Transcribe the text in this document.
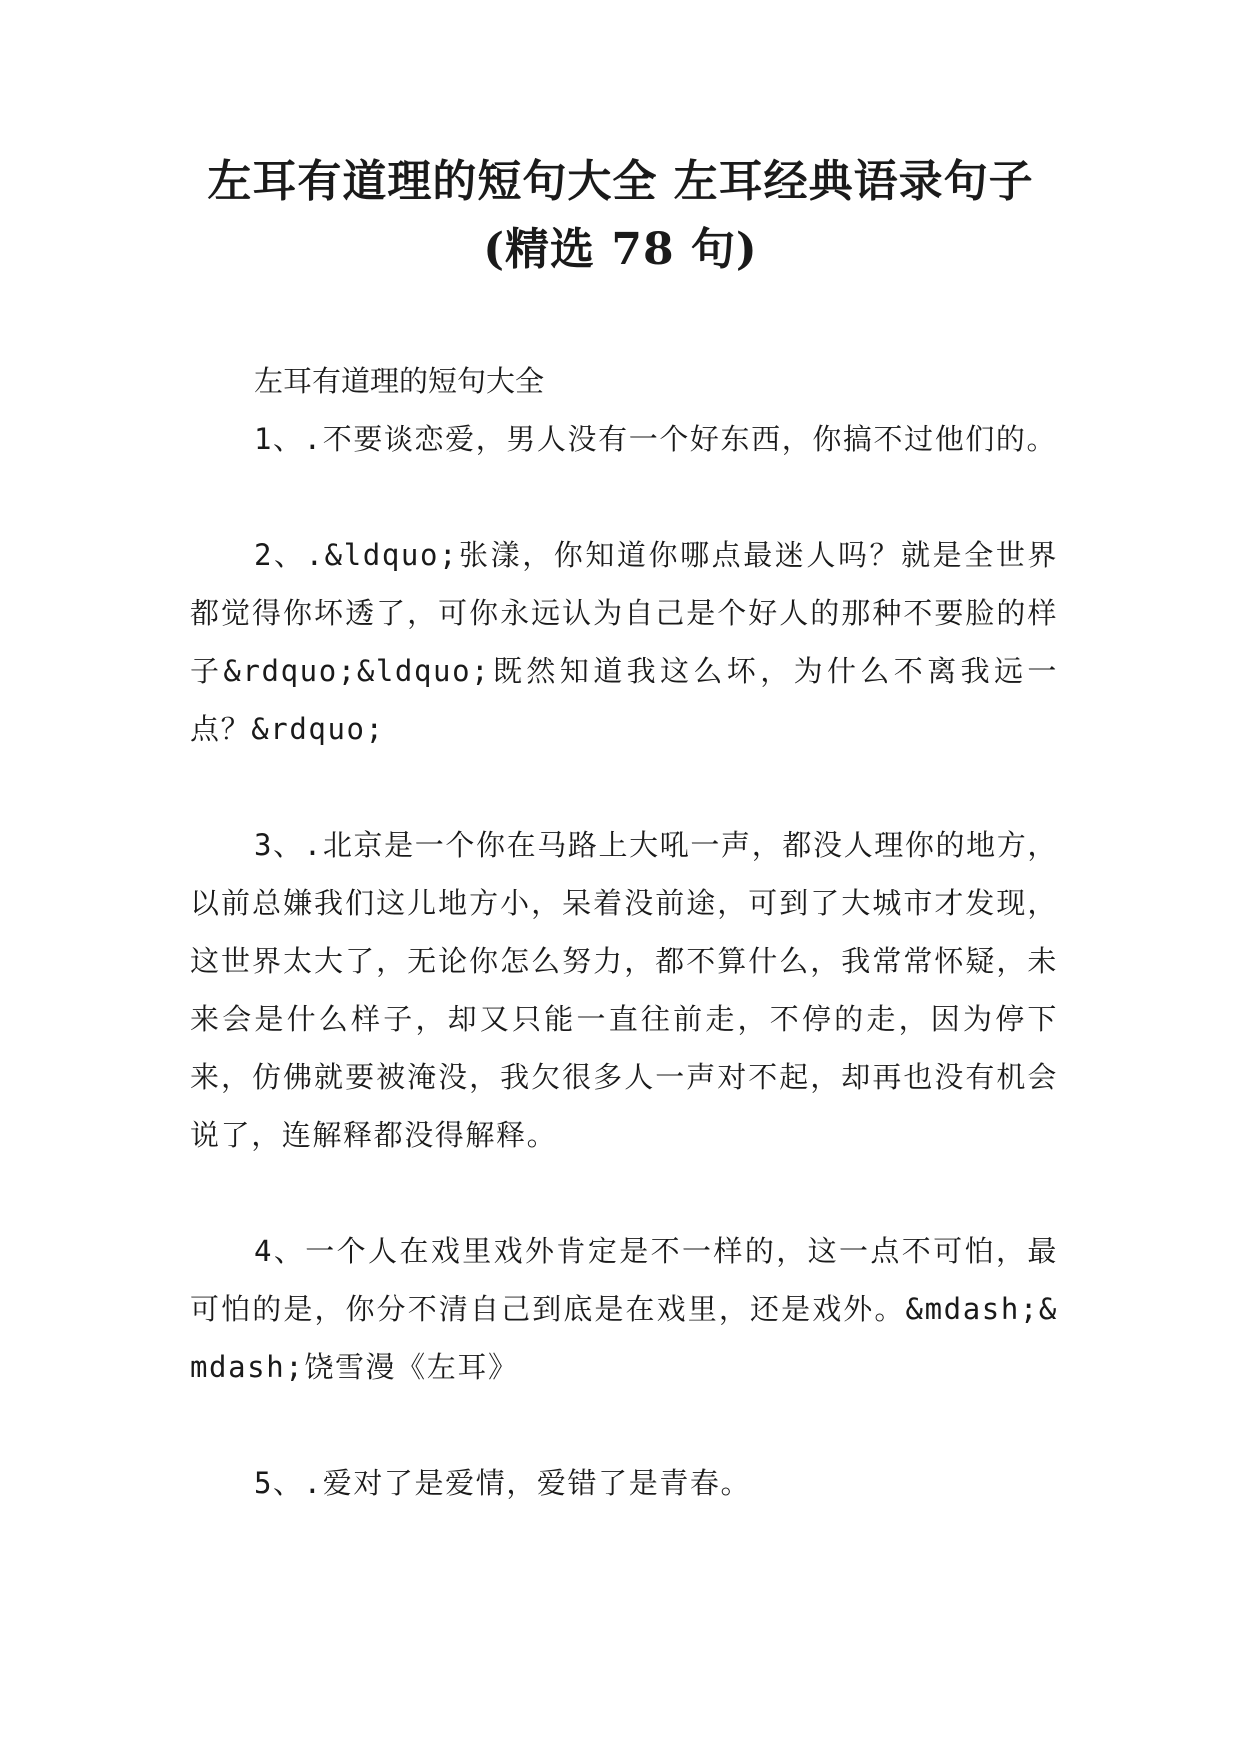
左耳有道理的短句大全 左耳经典语录句子
(精选 78 句)
左耳有道理的短句大全

1、.不要谈恋爱，男人没有一个好东西，你搞不过他们的。

2、.&ldquo;张漾，你知道你哪点最迷人吗？就是全世界都觉得你坏透了，可你永远认为自己是个好人的那种不要脸的样子&rdquo;&ldquo;既然知道我这么坏，为什么不离我远一点？&rdquo;

3、.北京是一个你在马路上大吼一声，都没人理你的地方，以前总嫌我们这儿地方小，呆着没前途，可到了大城市才发现，这世界太大了，无论你怎么努力，都不算什么，我常常怀疑，未来会是什么样子，却又只能一直往前走，不停的走，因为停下来，仿佛就要被淹没，我欠很多人一声对不起，却再也没有机会说了，连解释都没得解释。

4、一个人在戏里戏外肯定是不一样的，这一点不可怕，最可怕的是，你分不清自己到底是在戏里，还是戏外。&mdash;&mdash;饶雪漫《左耳》

5、.爱对了是爱情，爱错了是青春。
